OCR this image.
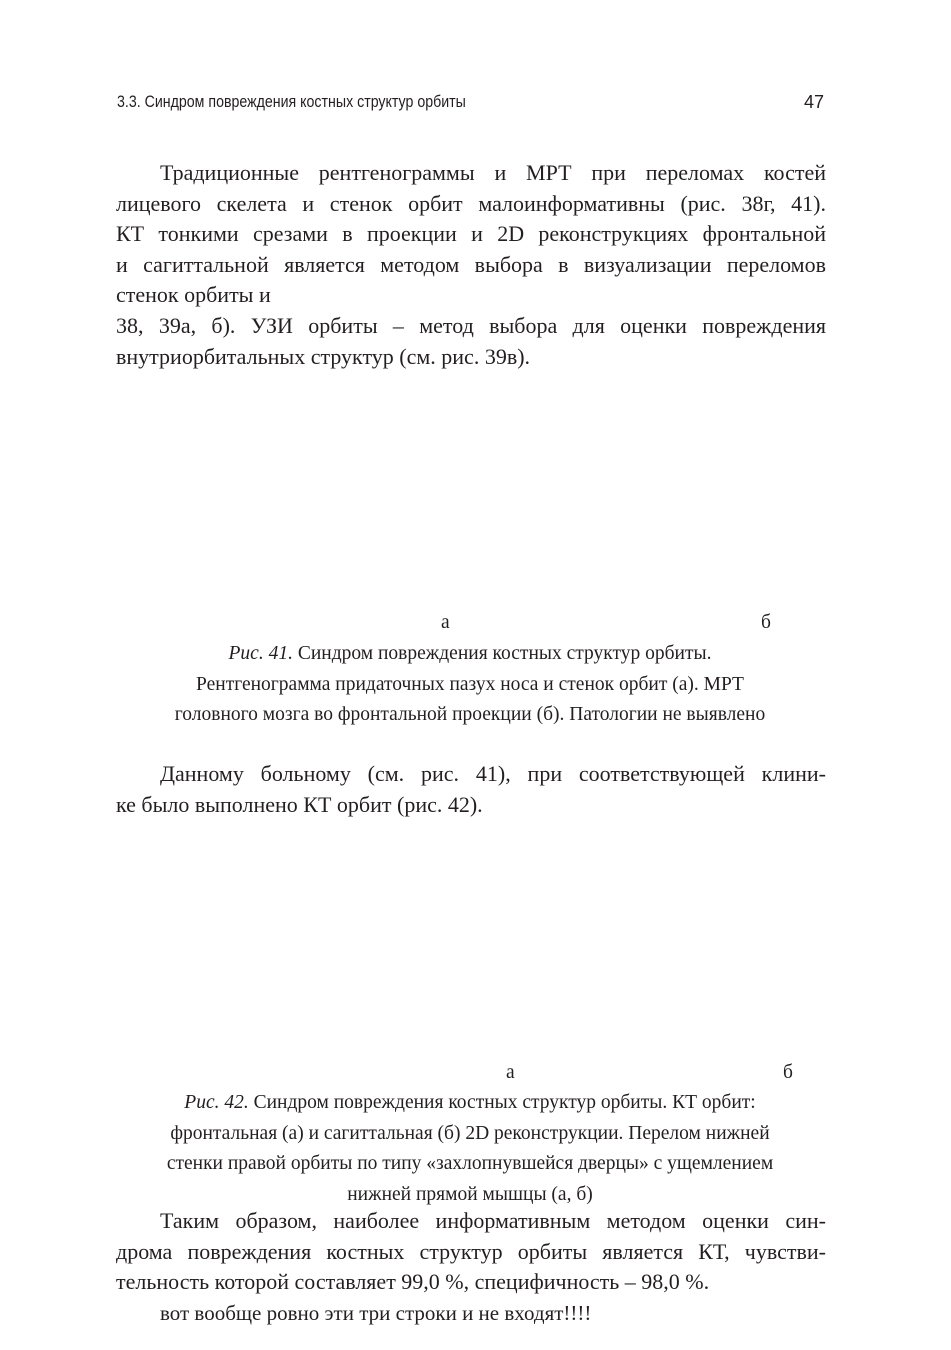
3.3. Синдром повреждения костных структур орбиты	47
Традиционные рентгенограммы и МРТ при переломах костей
лицевого скелета и стенок орбит малоинформативны (рис. 38г, 41).
КТ тонкими срезами в проекции и 2D реконструкциях фронтальной
и сагиттальной является методом выбора в визуализации переломов
стенок орбиты и
38, 39а, б). УЗИ орбиты – метод выбора для оценки повреждения
внутриорбитальных структур (см. рис. 39в).
а	б
Рис. 41. Синдром повреждения костных структур орбиты.
Рентгенограмма придаточных пазух носа и стенок орбит (а). МРТ
головного мозга во фронтальной проекции (б). Патологии не выявлено
Данному больному (см. рис. 41), при соответствующей клини-
ке было выполнено КТ орбит (рис. 42).
а	б
Рис. 42. Синдром повреждения костных структур орбиты. КТ орбит:
фронтальная (а) и сагиттальная (б) 2D реконструкции. Перелом нижней
стенки правой орбиты по типу «захлопнувшейся дверцы» с ущемлением
нижней прямой мышцы (а, б)
Таким образом, наиболее информативным методом оценки син-
дрома повреждения костных структур орбиты является КТ, чувстви-
тельность которой составляет 99,0 %, специфичность – 98,0 %.
вот вообще ровно эти три строки и не входят!!!!
